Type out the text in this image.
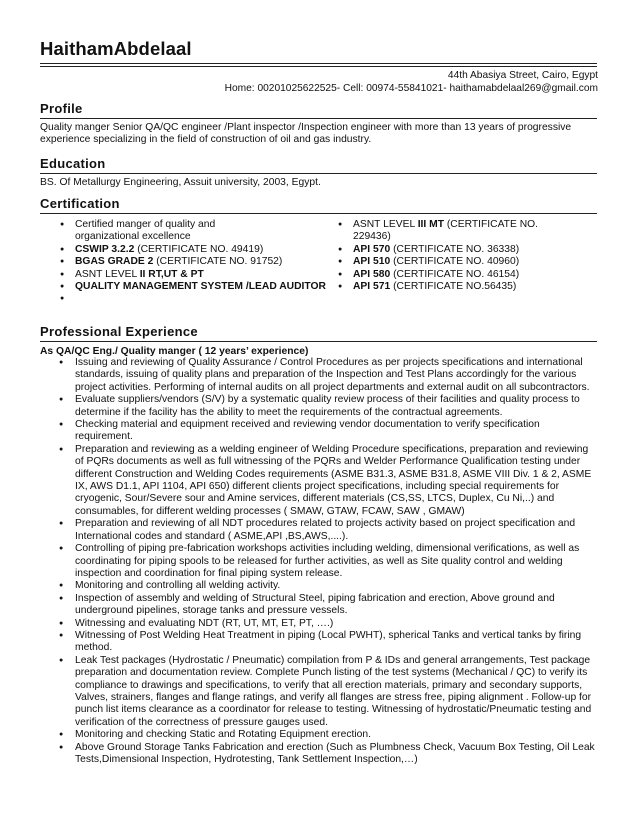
HaithamAbdelaal
44th Abasiya Street, Cairo, Egypt
Home: 00201025622525- Cell: 00974-55841021- haithamabdelaal269@gmail.com
Profile
Quality manger Senior QA/QC engineer /Plant inspector /Inspection engineer with more than 13 years of progressive experience specializing in the field of construction of oil and gas industry.
Education
BS. Of Metallurgy Engineering, Assuit university, 2003, Egypt.
Certification
● Certified manger of quality and organizational excellence
● CSWIP 3.2.2 (CERTIFICATE NO. 49419)
● BGAS GRADE 2 (CERTIFICATE NO. 91752)
● ASNT LEVEL II RT,UT & PT
● QUALITY MANAGEMENT SYSTEM /LEAD AUDITOR
●
● ASNT LEVEL III MT (CERTIFICATE NO. 229436)
● API 570 (CERTIFICATE NO. 36338)
● API 510 (CERTIFICATE NO. 40960)
● API 580 (CERTIFICATE NO. 46154)
● API 571 (CERTIFICATE NO.56435)
Professional Experience
As QA/QC Eng./ Quality manger ( 12 years’ experience)
● Issuing and reviewing of Quality Assurance / Control Procedures as per projects specifications and international standards, issuing of quality plans and preparation of the Inspection and Test Plans accordingly for the various project activities. Performing of internal audits on all project departments and external audit on all subcontractors.
● Evaluate suppliers/vendors (S/V) by a systematic quality review process of their facilities and quality process to determine if the facility has the ability to meet the requirements of the contractual agreements.
● Checking material and equipment received and reviewing vendor documentation to verify specification requirement.
● Preparation and reviewing as a welding engineer of Welding Procedure specifications, preparation and reviewing of PQRs documents as well as full witnessing of the PQRs and Welder Performance Qualification testing under different Construction and Welding Codes requirements (ASME B31.3, ASME B31.8, ASME VIII Div. 1 & 2, ASME IX, AWS D1.1, API 1104, API 650) different clients project specifications, including special requirements for cryogenic, Sour/Severe sour and Amine services, different materials (CS,SS, LTCS, Duplex, Cu Ni,..) and consumables, for different welding processes ( SMAW, GTAW, FCAW, SAW , GMAW)
● Preparation and reviewing of all NDT procedures related to projects activity based on project specification and International codes and standard ( ASME,API ,BS,AWS,....).
● Controlling of piping pre-fabrication workshops activities including welding, dimensional verifications, as well as coordinating for piping spools to be released for further activities, as well as Site quality control and welding inspection and coordination for final piping system release.
● Monitoring and controlling all welding activity.
● Inspection of assembly and welding of Structural Steel, piping fabrication and erection, Above ground and underground pipelines, storage tanks and pressure vessels.
● Witnessing and evaluating NDT (RT, UT, MT, ET, PT, ….)
● Witnessing of Post Welding Heat Treatment in piping (Local PWHT), spherical Tanks and vertical tanks by firing method.
● Leak Test packages (Hydrostatic / Pneumatic) compilation from P & IDs and general arrangements, Test package preparation and documentation review. Complete Punch listing of the test systems (Mechanical / QC) to verify its compliance to drawings and specifications, to verify that all erection materials, primary and secondary supports, Valves, strainers, flanges and flange ratings, and verify all flanges are stress free, piping alignment . Follow-up for punch list items clearance as a coordinator for release to testing. Witnessing of hydrostatic/Pneumatic testing and verification of the correctness of pressure gauges used.
● Monitoring and checking Static and Rotating Equipment erection.
● Above Ground Storage Tanks Fabrication and erection (Such as Plumbness Check, Vacuum Box Testing, Oil Leak Tests,Dimensional Inspection, Hydrotesting, Tank Settlement Inspection,…)
